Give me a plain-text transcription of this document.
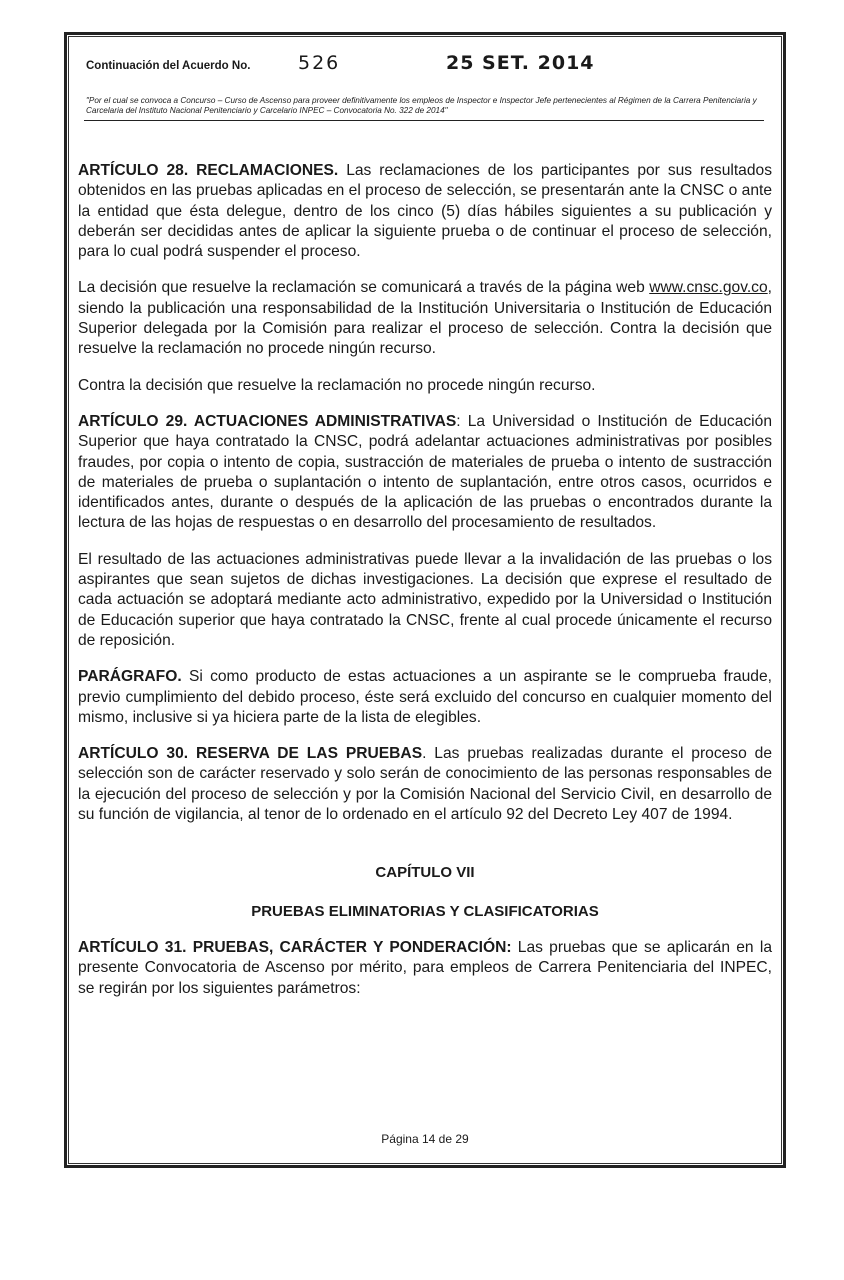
Continuación del Acuerdo No.	526	25 SET. 2014
"Por el cual se convoca a Concurso – Curso de Ascenso para proveer definitivamente los empleos de Inspector e Inspector Jefe pertenecientes al Régimen de la Carrera Penitenciaria y Carcelaria del Instituto Nacional Penitenciario y Carcelario INPEC – Convocatoria No. 322 de 2014"

ARTÍCULO 28. RECLAMACIONES. Las reclamaciones de los participantes por sus resultados obtenidos en las pruebas aplicadas en el proceso de selección, se presentarán ante la CNSC o ante la entidad que ésta delegue, dentro de los cinco (5) días hábiles siguientes a su publicación y deberán ser decididas antes de aplicar la siguiente prueba o de continuar el proceso de selección, para lo cual podrá suspender el proceso.

La decisión que resuelve la reclamación se comunicará a través de la página web www.cnsc.gov.co, siendo la publicación una responsabilidad de la Institución Universitaria o Institución de Educación Superior delegada por la Comisión para realizar el proceso de selección. Contra la decisión que resuelve la reclamación no procede ningún recurso.

Contra la decisión que resuelve la reclamación no procede ningún recurso.

ARTÍCULO 29. ACTUACIONES ADMINISTRATIVAS: La Universidad o Institución de Educación Superior que haya contratado la CNSC, podrá adelantar actuaciones administrativas por posibles fraudes, por copia o intento de copia, sustracción de materiales de prueba o intento de sustracción de materiales de prueba o suplantación o intento de suplantación, entre otros casos, ocurridos e identificados antes, durante o después de la aplicación de las pruebas o encontrados durante la lectura de las hojas de respuestas o en desarrollo del procesamiento de resultados.

El resultado de las actuaciones administrativas puede llevar a la invalidación de las pruebas o los aspirantes que sean sujetos de dichas investigaciones. La decisión que exprese el resultado de cada actuación se adoptará mediante acto administrativo, expedido por la Universidad o Institución de Educación superior que haya contratado la CNSC, frente al cual procede únicamente el recurso de reposición.

PARÁGRAFO. Si como producto de estas actuaciones a un aspirante se le comprueba fraude, previo cumplimiento del debido proceso, éste será excluido del concurso en cualquier momento del mismo, inclusive si ya hiciera parte de la lista de elegibles.

ARTÍCULO 30. RESERVA DE LAS PRUEBAS. Las pruebas realizadas durante el proceso de selección son de carácter reservado y solo serán de conocimiento de las personas responsables de la ejecución del proceso de selección y por la Comisión Nacional del Servicio Civil, en desarrollo de su función de vigilancia, al tenor de lo ordenado en el artículo 92 del Decreto Ley 407 de 1994.

CAPÍTULO VII

PRUEBAS ELIMINATORIAS Y CLASIFICATORIAS

ARTÍCULO 31. PRUEBAS, CARÁCTER Y PONDERACIÓN: Las pruebas que se aplicarán en la presente Convocatoria de Ascenso por mérito, para empleos de Carrera Penitenciaria del INPEC, se regirán por los siguientes parámetros:

Página 14 de 29
